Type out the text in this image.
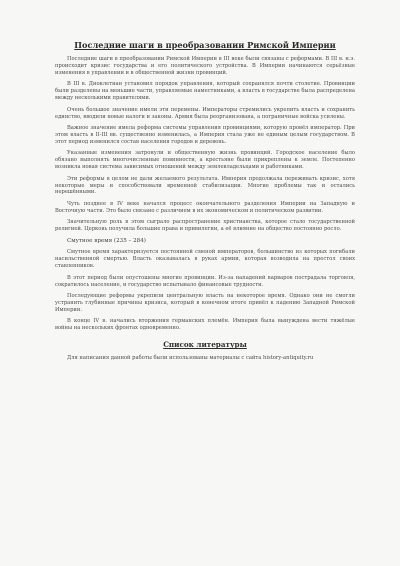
Последние шаги в преобразовании Римской Империи

Последние шаги в преобразовании Римской Империи в III веке были связаны с реформами. В III в. н.э. происходит кризис государства и его политического устройства. В Империи начинаются серьёзные изменения в управлении и в общественной жизни провинций.

В III в. Диоклетиан установил порядок управления, который сохранялся почти столетие. Провинции были разделены на меньшие части, управляемые наместниками, а власть в государстве была распределена между несколькими правителями.

Очень большое значение имели эти перемены. Императоры стремились укрепить власть и сохранить единство, вводили новые налоги и законы. Армия была реорганизована, а пограничные войска усилены.

Важное значение имела реформа системы управления провинциями, которую провёл император. При этом власть в II-III вв. существенно изменилась, а Империя стала уже не единым целым государством. В этот период изменился состав населения городов и деревень.

Указанные изменения затронули и общественную жизнь провинций. Городское население было обязано выполнять многочисленные повинности, а крестьяне были прикреплены к земле. Постепенно возникла новая система зависимых отношений между землевладельцами и работниками.

Эти реформы в целом не дали желаемого результата. Империя продолжала переживать кризис, хотя некоторые меры и способствовали временной стабилизации. Многие проблемы так и остались нерешёнными.

Чуть позднее в IV веке начался процесс окончательного разделения Империи на Западную и Восточную части. Это было связано с различием в их экономическом и политическом развитии.

Значительную роль в этом сыграло распространение христианства, которое стало государственной религией. Церковь получила большие права и привилегии, а её влияние на общество постоянно росло.

Смутное время (235 – 284)

Смутное время характеризуется постоянной сменой императоров, большинство из которых погибали насильственной смертью. Власть оказывалась в руках армии, которая возводила на престол своих ставленников.

В этот период были опустошены многие провинции. Из-за нападений варваров пострадала торговля, сократилось население, и государство испытывало финансовые трудности.

Последующие реформы укрепили центральную власть на некоторое время. Однако они не смогли устранить глубинные причины кризиса, который в конечном итоге привёл к падению Западной Римской Империи.

В конце IV в. начались вторжения германских племён. Империя была вынуждена вести тяжёлые войны на нескольких фронтах одновременно.

Список литературы

Для написания данной работы были использованы материалы с сайта history-antiquity.ru
